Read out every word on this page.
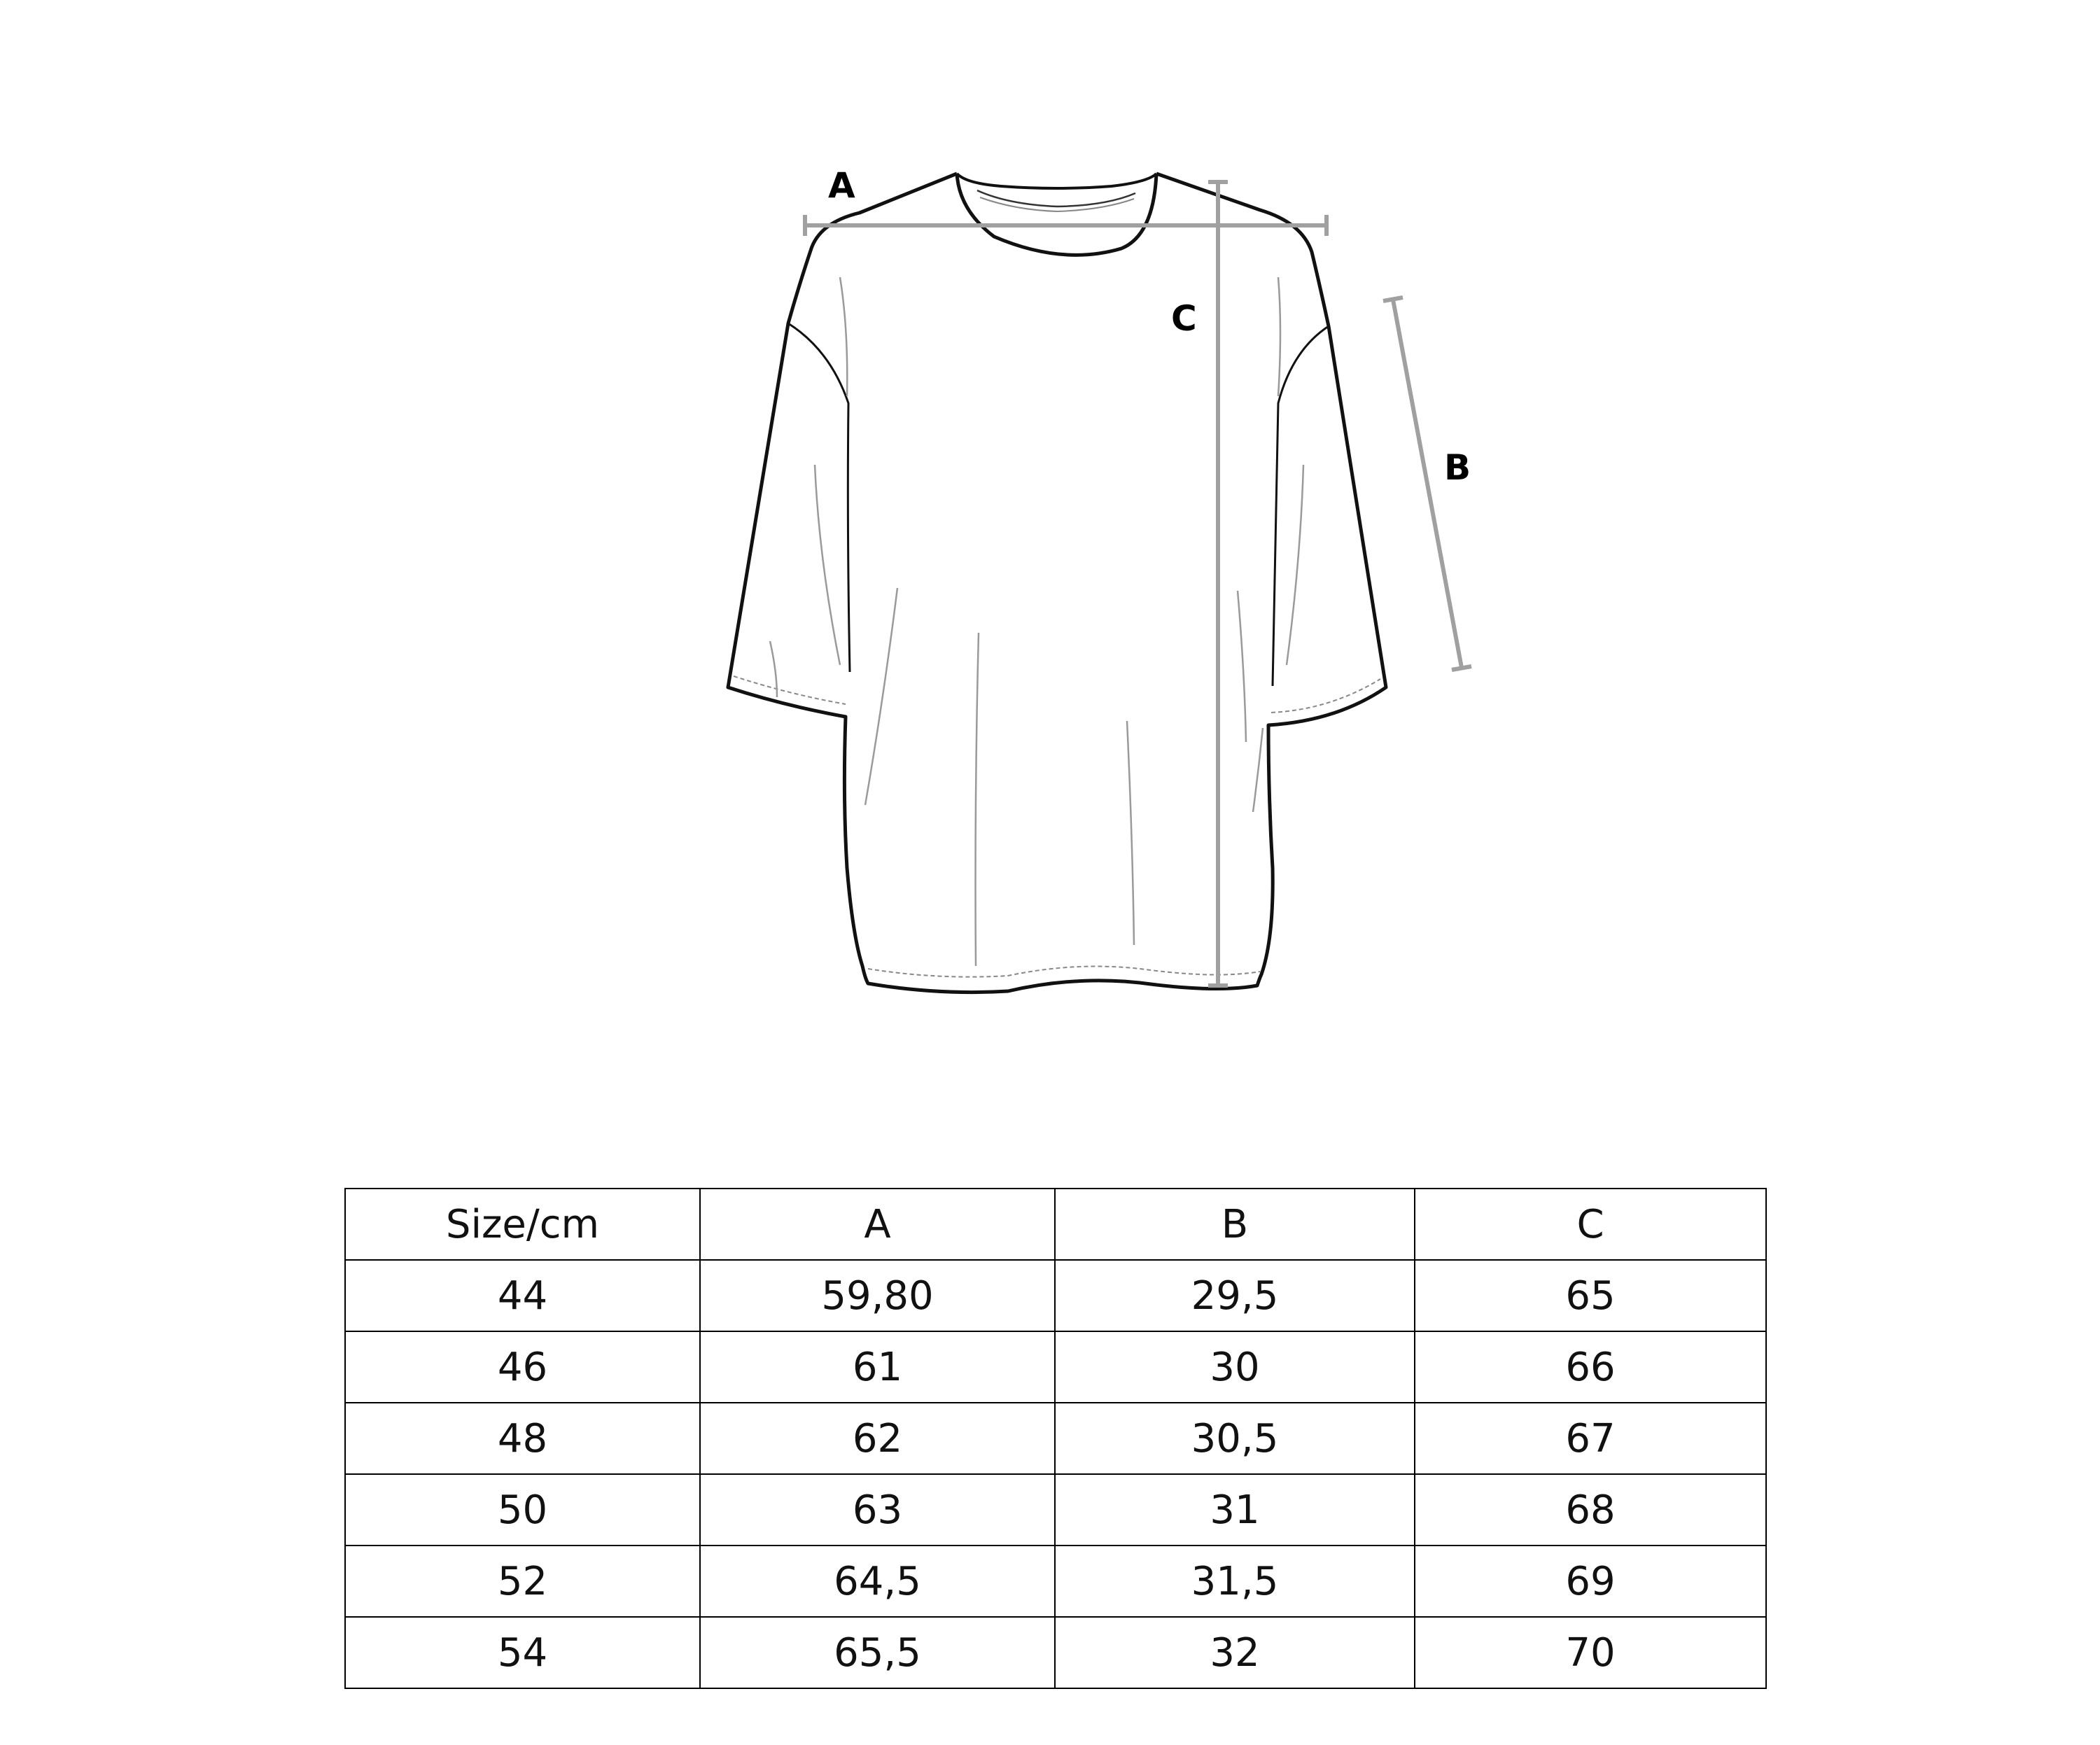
A
C
B
Size/cm	A	B	C
44	59,80	29,5	65
46	61	30	66
48	62	30,5	67
50	63	31	68
52	64,5	31,5	69
54	65,5	32	70
